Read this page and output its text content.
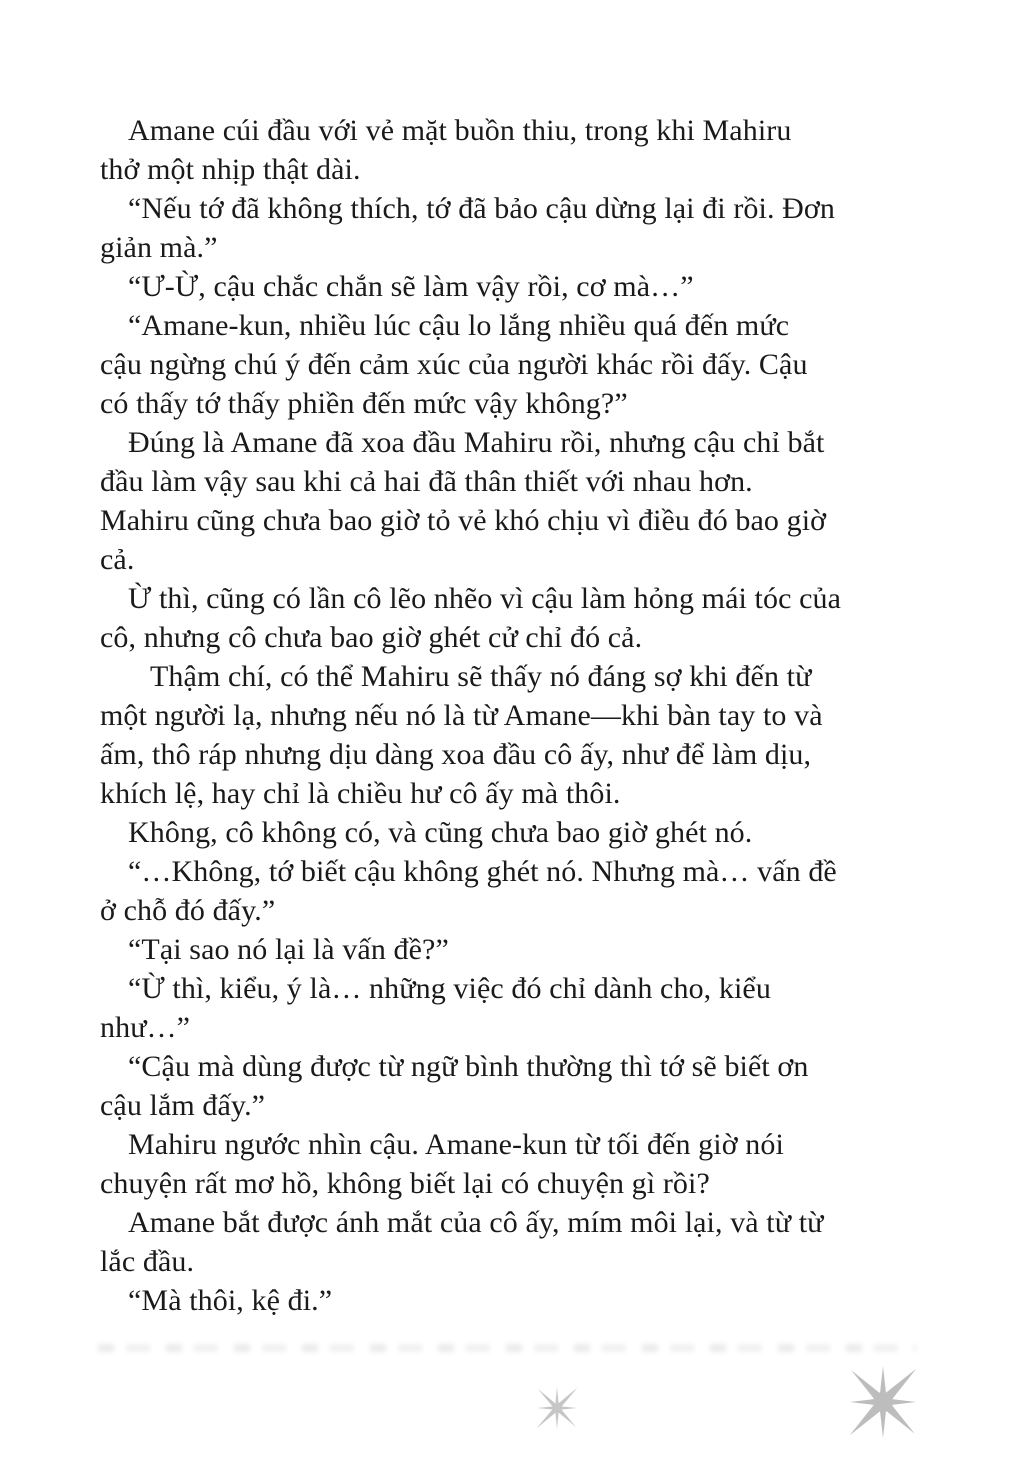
Amane cúi đầu với vẻ mặt buồn thiu, trong khi Mahiru
thở một nhịp thật dài.
“Nếu tớ đã không thích, tớ đã bảo cậu dừng lại đi rồi. Đơn
giản mà.”
“Ư-Ừ, cậu chắc chắn sẽ làm vậy rồi, cơ mà…”
“Amane-kun, nhiều lúc cậu lo lắng nhiều quá đến mức
cậu ngừng chú ý đến cảm xúc của người khác rồi đấy. Cậu
có thấy tớ thấy phiền đến mức vậy không?”
Đúng là Amane đã xoa đầu Mahiru rồi, nhưng cậu chỉ bắt
đầu làm vậy sau khi cả hai đã thân thiết với nhau hơn.
Mahiru cũng chưa bao giờ tỏ vẻ khó chịu vì điều đó bao giờ
cả.
Ừ thì, cũng có lần cô lẽo nhẽo vì cậu làm hỏng mái tóc của
cô, nhưng cô chưa bao giờ ghét cử chỉ đó cả.
Thậm chí, có thể Mahiru sẽ thấy nó đáng sợ khi đến từ
một người lạ, nhưng nếu nó là từ Amane—khi bàn tay to và
ấm, thô ráp nhưng dịu dàng xoa đầu cô ấy, như để làm dịu,
khích lệ, hay chỉ là chiều hư cô ấy mà thôi.
Không, cô không có, và cũng chưa bao giờ ghét nó.
“…Không, tớ biết cậu không ghét nó. Nhưng mà… vấn đề
ở chỗ đó đấy.”
“Tại sao nó lại là vấn đề?”
“Ừ thì, kiểu, ý là… những việc đó chỉ dành cho, kiểu
như…”
“Cậu mà dùng được từ ngữ bình thường thì tớ sẽ biết ơn
cậu lắm đấy.”
Mahiru ngước nhìn cậu. Amane-kun từ tối đến giờ nói
chuyện rất mơ hồ, không biết lại có chuyện gì rồi?
Amane bắt được ánh mắt của cô ấy, mím môi lại, và từ từ
lắc đầu.
“Mà thôi, kệ đi.”
